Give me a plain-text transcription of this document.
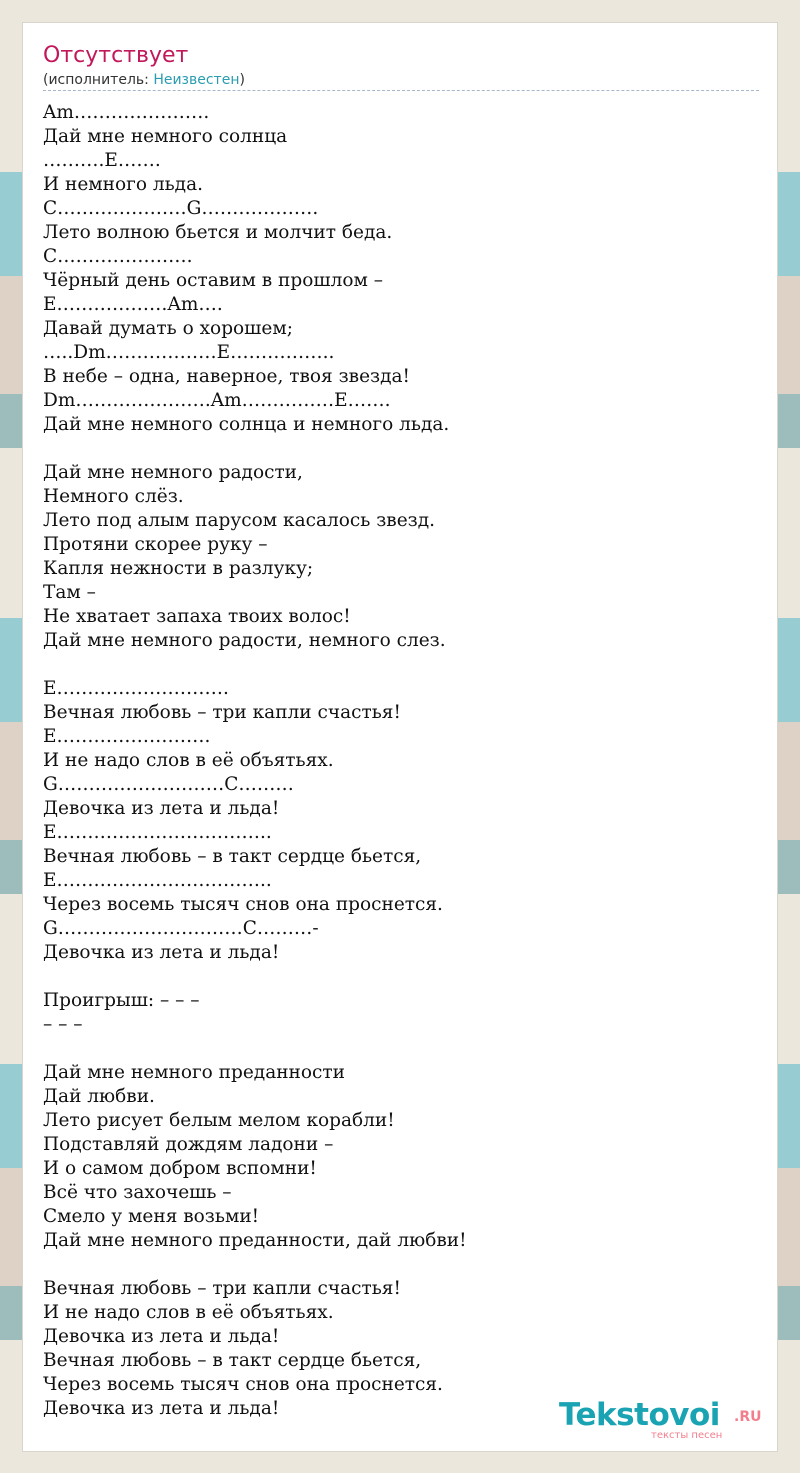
Отсутствует
(исполнитель: Неизвестен)
Am………………….
Дай мне немного солнца
……….E…….
И немного льда.
C…………………G……………….
Лето волною бьется и молчит беда.
C………………….
Чёрный день оставим в прошлом –
E………………Am….
Давай думать о хорошем;
…..Dm………………E……………..
В небе – одна, наверное, твоя звезда!
Dm………………….Am……………E…….
Дай мне немного солнца и немного льда.
Дай мне немного радости,
Немного слёз.
Лето под алым парусом касалось звезд.
Протяни скорее руку –
Капля нежности в разлуку;
Там –
Не хватает запаха твоих волос!
Дай мне немного радости, немного слез.
E……………………….
Вечная любовь – три капли счастья!
E…………………….
И не надо слов в её объятьях.
G………………………C………
Девочка из лета и льда!
E……………………………..
Вечная любовь – в такт сердце бьется,
E……………………………..
Через восемь тысяч снов она проснется.
G…………………………C………-
Девочка из лета и льда!
Проигрыш: – – –
– – –
Дай мне немного преданности
Дай любви.
Лето рисует белым мелом корабли!
Подставляй дождям ладони –
И о самом добром вспомни!
Всё что захочешь –
Смело у меня возьми!
Дай мне немного преданности, дай любви!
Вечная любовь – три капли счастья!
И не надо слов в её объятьях.
Девочка из лета и льда!
Вечная любовь – в такт сердце бьется,
Через восемь тысяч снов она проснется.
Девочка из лета и льда!	Tekstovoi .RU
тексты песен
